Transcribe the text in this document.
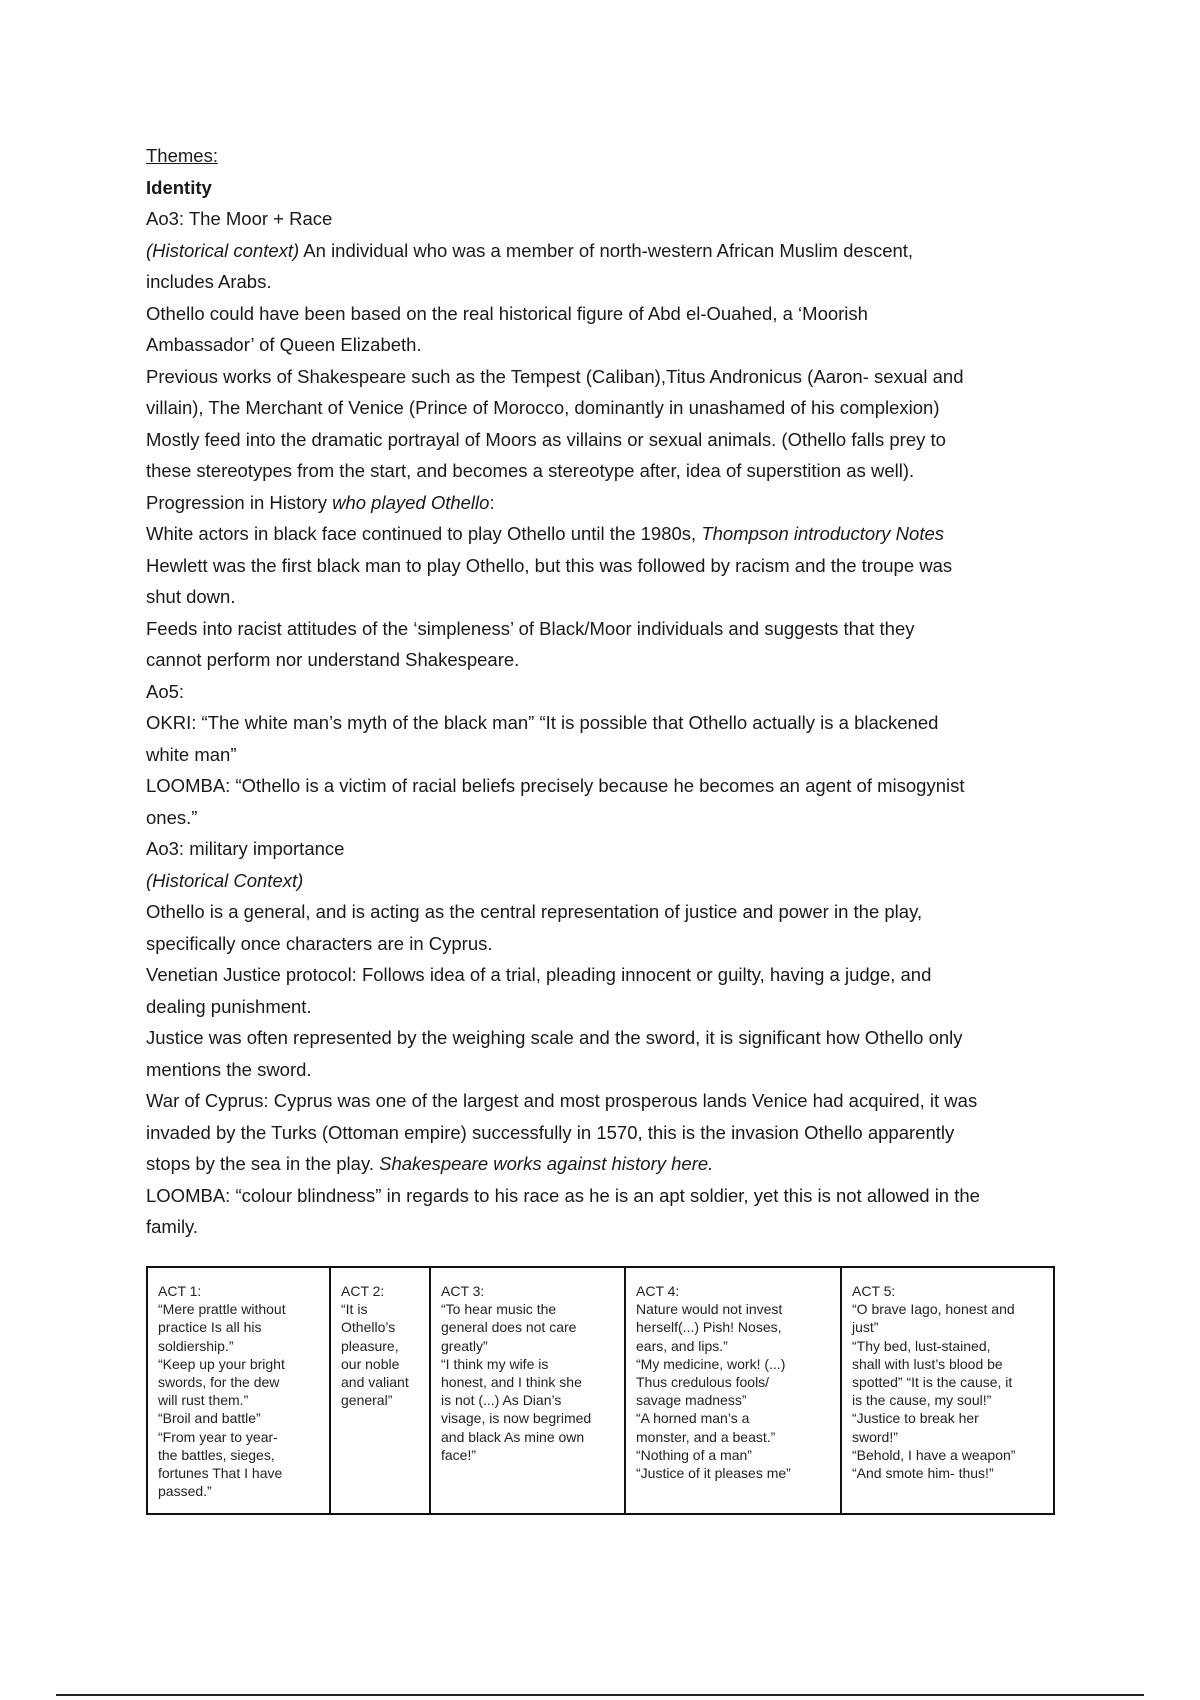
Themes:
Identity
Ao3: The Moor + Race
(Historical context) An individual who was a member of north-western African Muslim descent,
includes Arabs.
Othello could have been based on the real historical figure of Abd el-Ouahed, a ‘Moorish
Ambassador’ of Queen Elizabeth.
Previous works of Shakespeare such as the Tempest (Caliban),Titus Andronicus (Aaron- sexual and
villain), The Merchant of Venice (Prince of Morocco, dominantly in unashamed of his complexion)
Mostly feed into the dramatic portrayal of Moors as villains or sexual animals. (Othello falls prey to
these stereotypes from the start, and becomes a stereotype after, idea of superstition as well).
Progression in History who played Othello:
White actors in black face continued to play Othello until the 1980s, Thompson introductory Notes
Hewlett was the first black man to play Othello, but this was followed by racism and the troupe was
shut down.
Feeds into racist attitudes of the ‘simpleness’ of Black/Moor individuals and suggests that they
cannot perform nor understand Shakespeare.
Ao5:
OKRI: “The white man’s myth of the black man” “It is possible that Othello actually is a blackened
white man”
LOOMBA: “Othello is a victim of racial beliefs precisely because he becomes an agent of misogynist
ones.”
Ao3: military importance
(Historical Context)
Othello is a general, and is acting as the central representation of justice and power in the play,
specifically once characters are in Cyprus.
Venetian Justice protocol: Follows idea of a trial, pleading innocent or guilty, having a judge, and
dealing punishment.
Justice was often represented by the weighing scale and the sword, it is significant how Othello only
mentions the sword.
War of Cyprus: Cyprus was one of the largest and most prosperous lands Venice had acquired, it was
invaded by the Turks (Ottoman empire) successfully in 1570, this is the invasion Othello apparently
stops by the sea in the play. Shakespeare works against history here.
LOOMBA: “colour blindness” in regards to his race as he is an apt soldier, yet this is not allowed in the
family.
ACT 1:
“Mere prattle without
practice Is all his
soldiership.”
“Keep up your bright
swords, for the dew
will rust them.”
“Broil and battle”
“From year to year-
the battles, sieges,
fortunes That I have
passed.”

ACT 2:
“It is
Othello’s
pleasure,
our noble
and valiant
general”

ACT 3:
“To hear music the
general does not care
greatly”
“I think my wife is
honest, and I think she
is not (...) As Dian’s
visage, is now begrimed
and black As mine own
face!”

ACT 4:
Nature would not invest
herself(...) Pish! Noses,
ears, and lips.”
“My medicine, work! (...)
Thus credulous fools/
savage madness”
“A horned man’s a
monster, and a beast.”
“Nothing of a man”
“Justice of it pleases me”

ACT 5:
“O brave Iago, honest and
just”
“Thy bed, lust-stained,
shall with lust’s blood be
spotted” “It is the cause, it
is the cause, my soul!”
“Justice to break her
sword!”
“Behold, I have a weapon”
“And smote him- thus!”
